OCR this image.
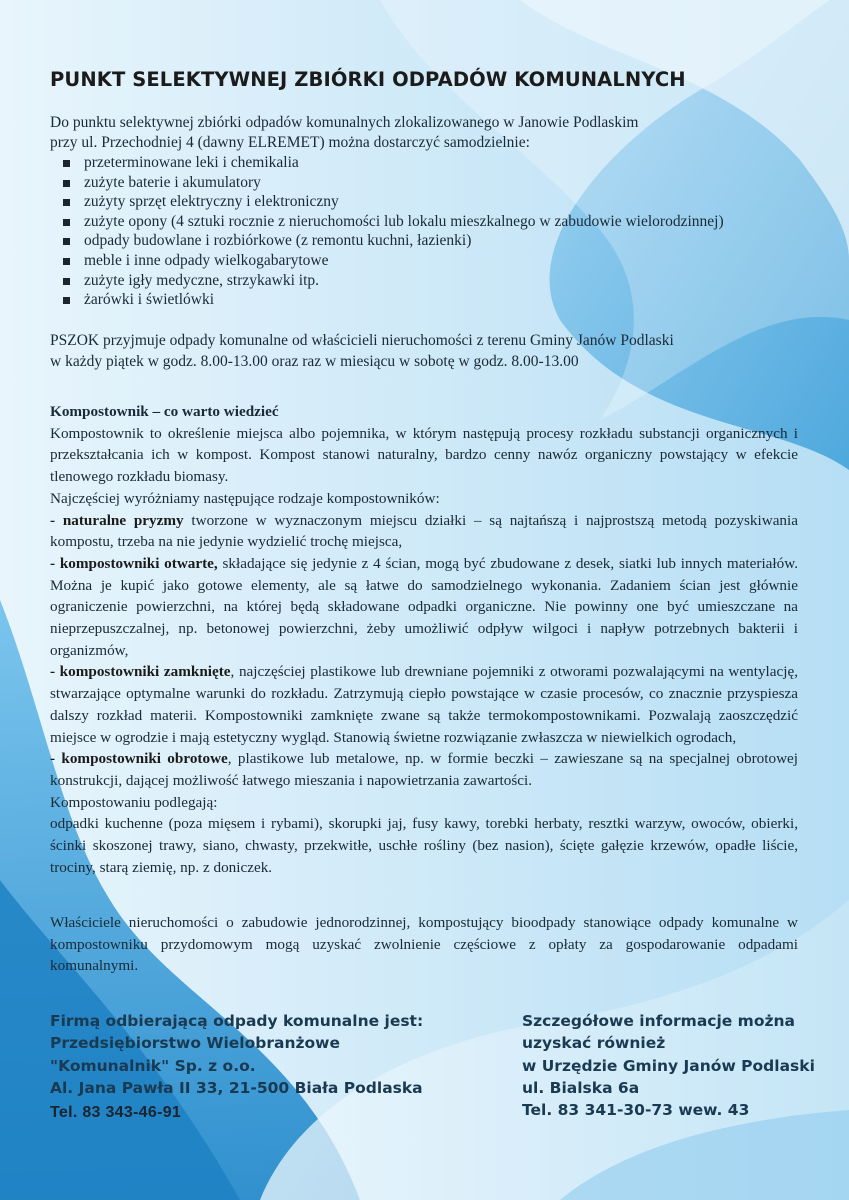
PUNKT SELEKTYWNEJ ZBIÓRKI ODPADÓW KOMUNALNYCH

Do punktu selektywnej zbiórki odpadów komunalnych zlokalizowanego w Janowie Podlaskim

przy ul. Przechodniej 4 (dawny ELREMET) można dostarczyć samodzielnie:

przeterminowane leki i chemikalia
zużyte baterie i akumulatory
zużyty sprzęt elektryczny i elektroniczny
zużyte opony (4 sztuki rocznie z nieruchomości lub lokalu mieszkalnego w zabudowie wielorodzinnej)
odpady budowlane i rozbiórkowe (z remontu kuchni, łazienki)
meble i inne odpady wielkogabarytowe
zużyte igły medyczne, strzykawki itp.
żarówki i świetlówki

PSZOK przyjmuje odpady komunalne od właścicieli nieruchomości z terenu Gminy Janów Podlaski

w każdy piątek w godz. 8.00-13.00 oraz raz w miesiącu w sobotę w godz. 8.00-13.00

Kompostownik – co warto wiedzieć

Kompostownik to określenie miejsca albo pojemnika, w którym następują procesy rozkładu substancji organicznych i przekształcania ich w kompost. Kompost stanowi naturalny, bardzo cenny nawóz organiczny powstający w efekcie tlenowego rozkładu biomasy.

Najczęściej wyróżniamy następujące rodzaje kompostowników:

- naturalne pryzmy tworzone w wyznaczonym miejscu działki – są najtańszą i najprostszą metodą pozyskiwania kompostu, trzeba na nie jedynie wydzielić trochę miejsca,

- kompostowniki otwarte, składające się jedynie z 4 ścian, mogą być zbudowane z desek, siatki lub innych materiałów. Można je kupić jako gotowe elementy, ale są łatwe do samodzielnego wykonania. Zadaniem ścian jest głównie ograniczenie powierzchni, na której będą składowane odpadki organiczne. Nie powinny one być umieszczane na nieprzepuszczalnej, np. betonowej powierzchni, żeby umożliwić odpływ wilgoci i napływ potrzebnych bakterii i organizmów,

- kompostowniki zamknięte, najczęściej plastikowe lub drewniane pojemniki z otworami pozwalającymi na wentylację, stwarzające optymalne warunki do rozkładu. Zatrzymują ciepło powstające w czasie procesów, co znacznie przyspiesza dalszy rozkład materii. Kompostowniki zamknięte zwane są także termokompostownikami. Pozwalają zaoszczędzić miejsce w ogrodzie i mają estetyczny wygląd. Stanowią świetne rozwiązanie zwłaszcza w niewielkich ogrodach,

- kompostowniki obrotowe, plastikowe lub metalowe, np. w formie beczki – zawieszane są na specjalnej obrotowej konstrukcji, dającej możliwość łatwego mieszania i napowietrzania zawartości.

Kompostowaniu podlegają:

odpadki kuchenne (poza mięsem i rybami), skorupki jaj, fusy kawy, torebki herbaty, resztki warzyw, owoców, obierki, ścinki skoszonej trawy, siano, chwasty, przekwitłe, uschłe rośliny (bez nasion), ścięte gałęzie krzewów, opadłe liście, trociny, starą ziemię, np. z doniczek.

Właściciele nieruchomości o zabudowie jednorodzinnej, kompostujący bioodpady stanowiące odpady komunalne w kompostowniku przydomowym mogą uzyskać zwolnienie częściowe z opłaty za gospodarowanie odpadami komunalnymi.

Firmą odbierającą odpady komunalne jest:

Przedsiębiorstwo Wielobranżowe

"Komunalnik" Sp. z o.o.

Al. Jana Pawła II 33, 21-500 Biała Podlaska

Tel. 83 343-46-91

Szczegółowe informacje można

uzyskać również

w Urzędzie Gminy Janów Podlaski

ul. Bialska 6a

Tel. 83 341-30-73 wew. 43
